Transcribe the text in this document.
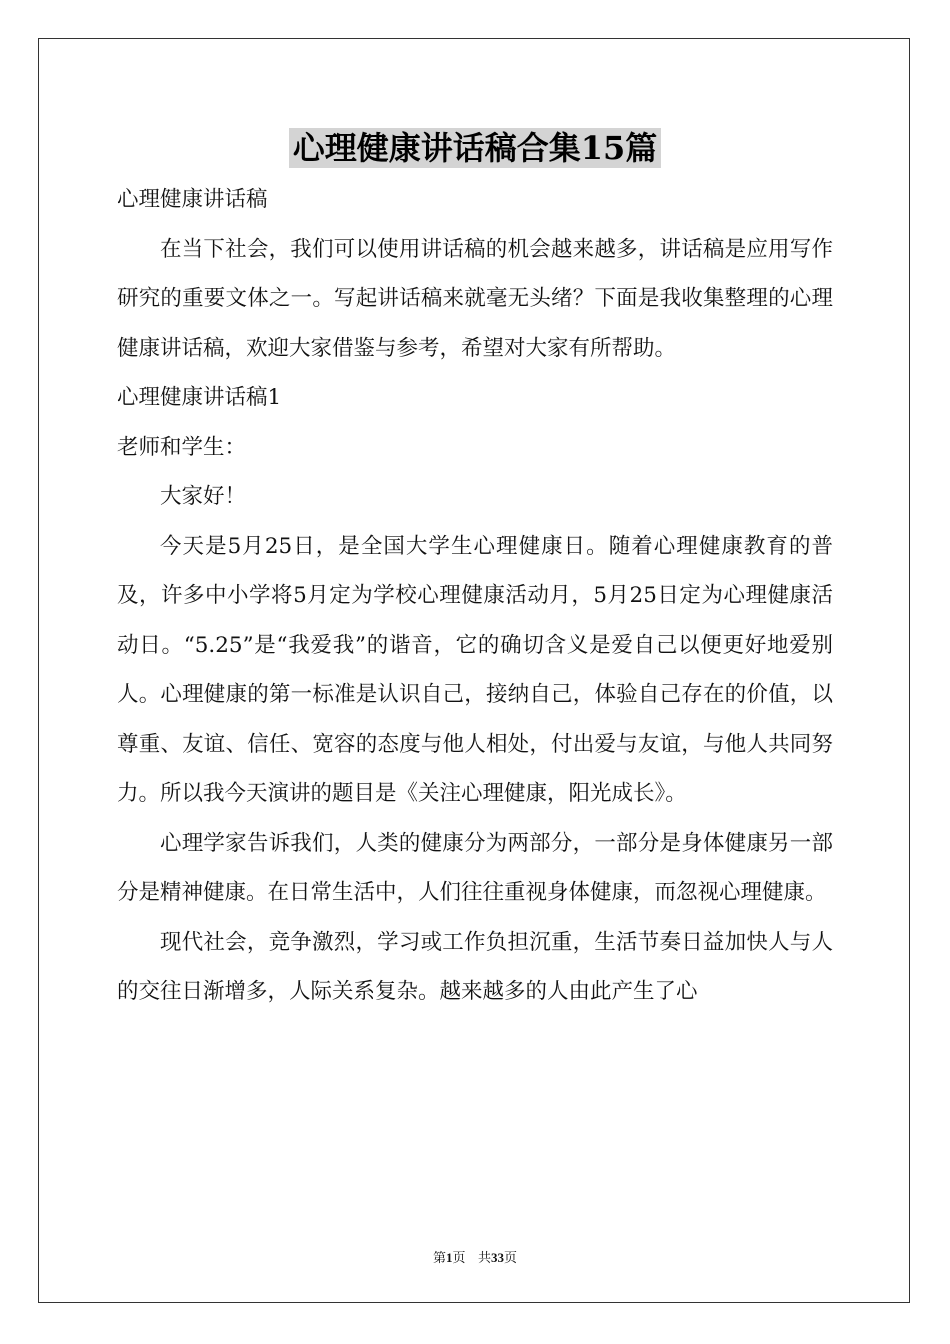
心理健康讲话稿合集15篇

心理健康讲话稿

在当下社会，我们可以使用讲话稿的机会越来越多，讲话稿是应用写作研究的重要文体之一。写起讲话稿来就毫无头绪？下面是我收集整理的心理健康讲话稿，欢迎大家借鉴与参考，希望对大家有所帮助。

心理健康讲话稿1

老师和学生：

大家好！

今天是5月25日，是全国大学生心理健康日。随着心理健康教育的普及，许多中小学将5月定为学校心理健康活动月，5月25日定为心理健康活动日。“5.25”是“我爱我”的谐音，它的确切含义是爱自己以便更好地爱别人。心理健康的第一标准是认识自己，接纳自己，体验自己存在的价值，以尊重、友谊、信任、宽容的态度与他人相处，付出爱与友谊，与他人共同努力。所以我今天演讲的题目是《关注心理健康，阳光成长》。

心理学家告诉我们，人类的健康分为两部分，一部分是身体健康另一部分是精神健康。在日常生活中，人们往往重视身体健康，而忽视心理健康。

现代社会，竞争激烈，学习或工作负担沉重，生活节奏日益加快人与人的交往日渐增多，人际关系复杂。越来越多的人由此产生了心

第1页 共33页
